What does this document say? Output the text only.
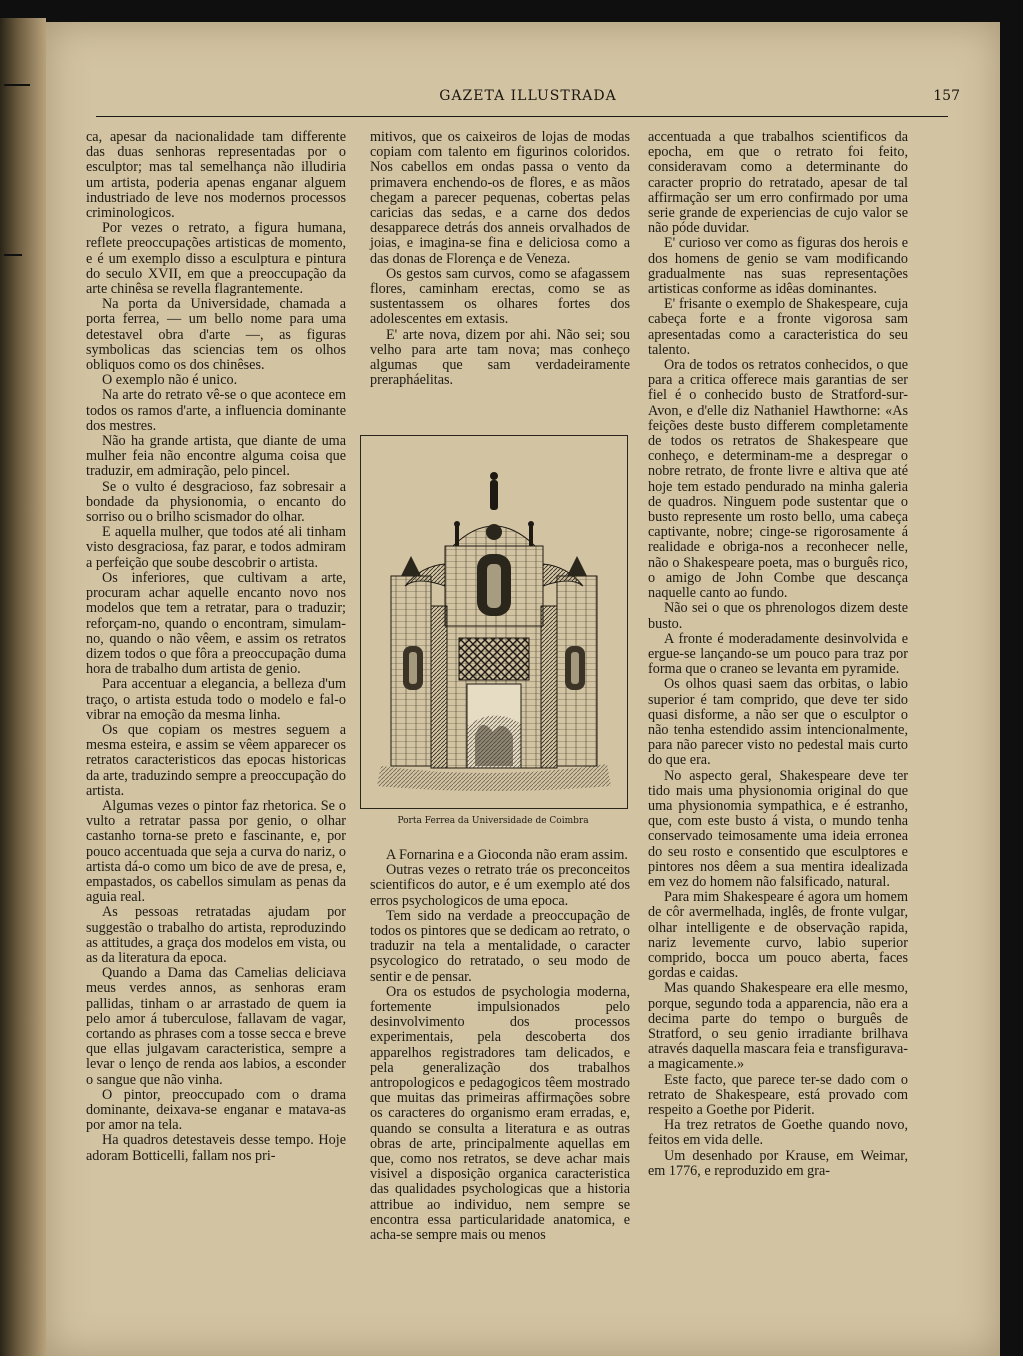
GAZETA ILLUSTRADA	157

ca, apesar da nacionalidade tam differente das duas senhoras representadas por o esculptor; mas tal semelhança não illudiria um artista, poderia apenas enganar alguem industriado de leve nos modernos processos criminologicos.

Por vezes o retrato, a figura humana, reflete preoccupações artisticas de momento, e é um exemplo disso a esculptura e pintura do seculo XVII, em que a preoccupação da arte chinêsa se revella flagrantemente.

Na porta da Universidade, chamada a porta ferrea, — um bello nome para uma detestavel obra d'arte —, as figuras symbolicas das sciencias tem os olhos obliquos como os dos chinêses.

O exemplo não é unico.

Na arte do retrato vê-se o que acontece em todos os ramos d'arte, a influencia dominante dos mestres.

Não ha grande artista, que diante de uma mulher feia não encontre alguma coisa que traduzir, em admiração, pelo pincel.

Se o vulto é desgracioso, faz sobresair a bondade da physionomia, o encanto do sorriso ou o brilho scismador do olhar.

E aquella mulher, que todos até ali tinham visto desgraciosa, faz parar, e todos admiram a perfeição que soube descobrir o artista.

Os inferiores, que cultivam a arte, procuram achar aquelle encanto novo nos modelos que tem a retratar, para o traduzir; reforçam-no, quando o encontram, simulam-no, quando o não vêem, e assim os retratos dizem todos o que fôra a preoccupação duma hora de trabalho dum artista de genio.

Para accentuar a elegancia, a belleza d'um traço, o artista estuda todo o modelo e fal-o vibrar na emoção da mesma linha.

Os que copiam os mestres seguem a mesma esteira, e assim se vêem apparecer os retratos caracteristicos das epocas historicas da arte, traduzindo sempre a preoccupação do artista.

Algumas vezes o pintor faz rhetorica. Se o vulto a retratar passa por genio, o olhar castanho torna-se preto e fascinante, e, por pouco accentuada que seja a curva do nariz, o artista dá-o como um bico de ave de presa, e, empastados, os cabellos simulam as penas da aguia real.

As pessoas retratadas ajudam por suggestão o trabalho do artista, reproduzindo as attitudes, a graça dos modelos em vista, ou as da literatura da epoca.

Quando a Dama das Camelias deliciava meus verdes annos, as senhoras eram pallidas, tinham o ar arrastado de quem ia pelo amor á tuberculose, fallavam de vagar, cortando as phrases com a tosse secca e breve que ellas julgavam caracteristica, sempre a levar o lenço de renda aos labios, a esconder o sangue que não vinha.

O pintor, preoccupado com o drama dominante, deixava-se enganar e matava-as por amor na tela.

Ha quadros detestaveis desse tempo. Hoje adoram Botticelli, fallam nos pri-

mitivos, que os caixeiros de lojas de modas copiam com talento em figurinos coloridos. Nos cabellos em ondas passa o vento da primavera enchendo-os de flores, e as mãos chegam a parecer pequenas, cobertas pelas caricias das sedas, e a carne dos dedos desapparece detrás dos anneis orvalhados de joias, e imagina-se fina e deliciosa como a das donas de Florença e de Veneza.

Os gestos sam curvos, como se afagassem flores, caminham erectas, como se as sustentassem os olhares fortes dos adolescentes em extasis.

E' arte nova, dizem por ahi. Não sei; sou velho para arte tam nova; mas conheço algumas que sam verdadeiramente prerapháelitas.

Porta Ferrea da Universidade de Coimbra

A Fornarina e a Gioconda não eram assim.

Outras vezes o retrato tráe os preconceitos scientificos do autor, e é um exemplo até dos erros psychologicos de uma epoca.

Tem sido na verdade a preoccupação de todos os pintores que se dedicam ao retrato, o traduzir na tela a mentalidade, o caracter psycologico do retratado, o seu modo de sentir e de pensar.

Ora os estudos de psychologia moderna, fortemente impulsionados pelo desinvolvimento dos processos experimentais, pela descoberta dos apparelhos registradores tam delicados, e pela generalização dos trabalhos antropologicos e pedagogicos têem mostrado que muitas das primeiras affirmações sobre os caracteres do organismo eram erradas, e, quando se consulta a literatura e as outras obras de arte, principalmente aquellas em que, como nos retratos, se deve achar mais visivel a disposição organica caracteristica das qualidades psychologicas que a historia attribue ao individuo, nem sempre se encontra essa particularidade anatomica, e acha-se sempre mais ou menos

accentuada a que trabalhos scientificos da epocha, em que o retrato foi feito, consideravam como a determinante do caracter proprio do retratado, apesar de tal affirmação ser um erro confirmado por uma serie grande de experiencias de cujo valor se não póde duvidar.

E' curioso ver como as figuras dos herois e dos homens de genio se vam modificando gradualmente nas suas representações artisticas conforme as idêas dominantes.

E' frisante o exemplo de Shakespeare, cuja cabeça forte e a fronte vigorosa sam apresentadas como a caracteristica do seu talento.

Ora de todos os retratos conhecidos, o que para a critica offerece mais garantias de ser fiel é o conhecido busto de Stratford-sur-Avon, e d'elle diz Nathaniel Hawthorne: «As feições deste busto differem completamente de todos os retratos de Shakespeare que conheço, e determinam-me a despregar o nobre retrato, de fronte livre e altiva que até hoje tem estado pendurado na minha galeria de quadros. Ninguem pode sustentar que o busto represente um rosto bello, uma cabeça captivante, nobre; cinge-se rigorosamente á realidade e obriga-nos a reconhecer nelle, não o Shakespeare poeta, mas o burguês rico, o amigo de John Combe que descança naquelle canto ao fundo.

Não sei o que os phrenologos dizem deste busto.

A fronte é moderadamente desinvolvida e ergue-se lançando-se um pouco para traz por forma que o craneo se levanta em pyramide.

Os olhos quasi saem das orbitas, o labio superior é tam comprido, que deve ter sido quasi disforme, a não ser que o esculptor o não tenha estendido assim intencionalmente, para não parecer visto no pedestal mais curto do que era.

No aspecto geral, Shakespeare deve ter tido mais uma physionomia original do que uma physionomia sympathica, e é estranho, que, com este busto á vista, o mundo tenha conservado teimosamente uma ideia erronea do seu rosto e consentido que esculptores e pintores nos dêem a sua mentira idealizada em vez do homem não falsificado, natural.

Para mim Shakespeare é agora um homem de côr avermelhada, inglês, de fronte vulgar, olhar intelligente e de observação rapida, nariz levemente curvo, labio superior comprido, bocca um pouco aberta, faces gordas e caidas.

Mas quando Shakespeare era elle mesmo, porque, segundo toda a apparencia, não era a decima parte do tempo o burguês de Stratford, o seu genio irradiante brilhava através daquella mascara feia e transfigurava-a magicamente.»

Este facto, que parece ter-se dado com o retrato de Shakespeare, está provado com respeito a Goethe por Piderit.

Ha trez retratos de Goethe quando novo, feitos em vida delle.

Um desenhado por Krause, em Weimar, em 1776, e reproduzido em gra-
